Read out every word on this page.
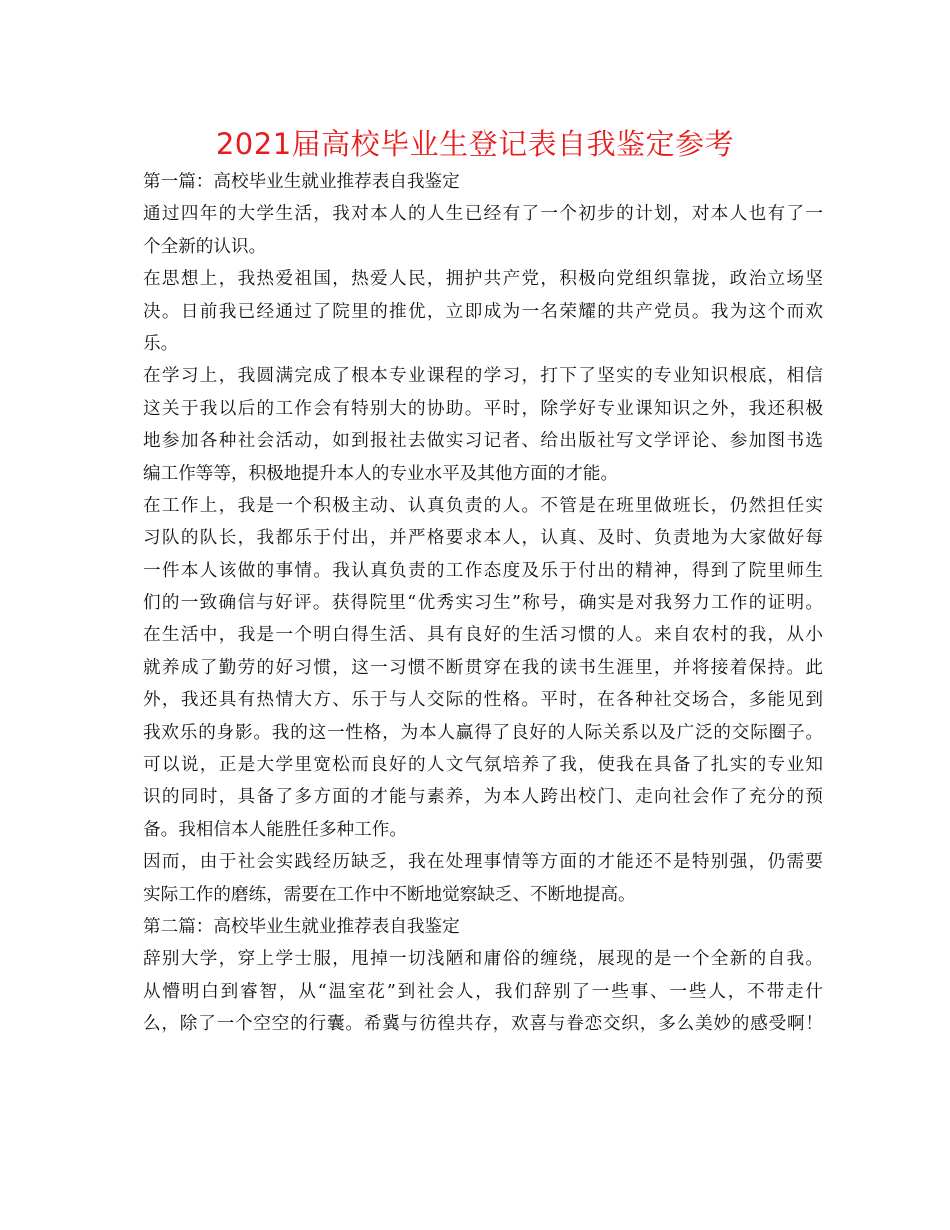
2021届高校毕业生登记表自我鉴定参考
第一篇：高校毕业生就业推荐表自我鉴定
通过四年的大学生活，我对本人的人生已经有了一个初步的计划，对本人也有了一
个全新的认识。
在思想上，我热爱祖国，热爱人民，拥护共产党，积极向党组织靠拢，政治立场坚
决。日前我已经通过了院里的推优，立即成为一名荣耀的共产党员。我为这个而欢
乐。
在学习上，我圆满完成了根本专业课程的学习，打下了坚实的专业知识根底，相信
这关于我以后的工作会有特别大的协助。平时，除学好专业课知识之外，我还积极
地参加各种社会活动，如到报社去做实习记者、给出版社写文学评论、参加图书选
编工作等等，积极地提升本人的专业水平及其他方面的才能。
在工作上，我是一个积极主动、认真负责的人。不管是在班里做班长，仍然担任实
习队的队长，我都乐于付出，并严格要求本人，认真、及时、负责地为大家做好每
一件本人该做的事情。我认真负责的工作态度及乐于付出的精神，得到了院里师生
们的一致确信与好评。获得院里“优秀实习生”称号，确实是对我努力工作的证明。
在生活中，我是一个明白得生活、具有良好的生活习惯的人。来自农村的我，从小
就养成了勤劳的好习惯，这一习惯不断贯穿在我的读书生涯里，并将接着保持。此
外，我还具有热情大方、乐于与人交际的性格。平时，在各种社交场合，多能见到
我欢乐的身影。我的这一性格，为本人赢得了良好的人际关系以及广泛的交际圈子。
可以说，正是大学里宽松而良好的人文气氛培养了我，使我在具备了扎实的专业知
识的同时，具备了多方面的才能与素养，为本人跨出校门、走向社会作了充分的预
备。我相信本人能胜任多种工作。
因而，由于社会实践经历缺乏，我在处理事情等方面的才能还不是特别强，仍需要
实际工作的磨练，需要在工作中不断地觉察缺乏、不断地提高。
第二篇：高校毕业生就业推荐表自我鉴定
辞别大学，穿上学士服，甩掉一切浅陋和庸俗的缠绕，展现的是一个全新的自我。
从懵明白到睿智，从“温室花”到社会人，我们辞别了一些事、一些人，不带走什
么，除了一个空空的行囊。希冀与彷徨共存，欢喜与眷恋交织，多么美妙的感受啊！
